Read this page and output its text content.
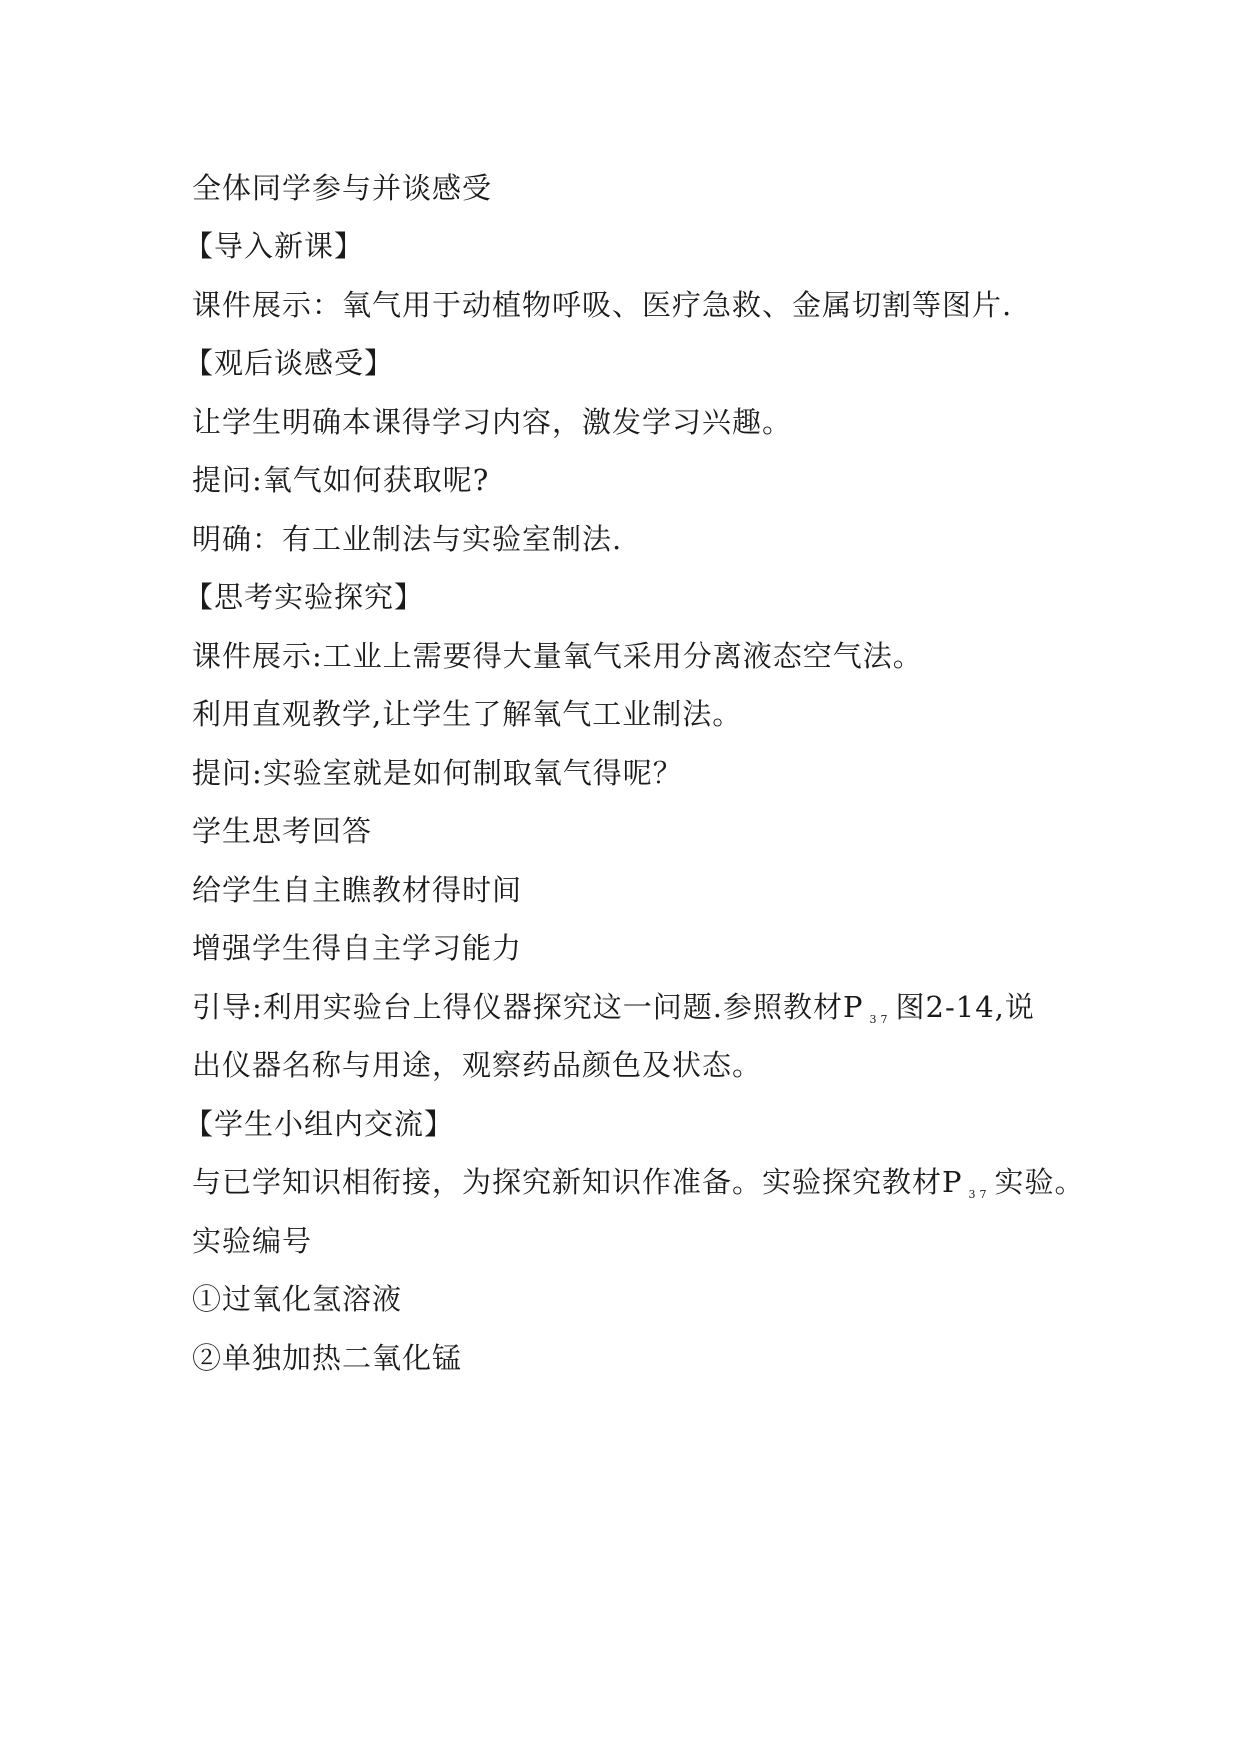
全体同学参与并谈感受
【导入新课】
课件展示：氧气用于动植物呼吸、医疗急救、金属切割等图片.
【观后谈感受】
让学生明确本课得学习内容，激发学习兴趣。
提问:氧气如何获取呢?
明确：有工业制法与实验室制法.
【思考实验探究】
课件展示:工业上需要得大量氧气采用分离液态空气法。
利用直观教学,让学生了解氧气工业制法。
提问:实验室就是如何制取氧气得呢？
学生思考回答
给学生自主瞧教材得时间
增强学生得自主学习能力
引导:利用实验台上得仪器探究这一问题.参照教材P $_{37}$ 图2-14,说
出仪器名称与用途，观察药品颜色及状态。
【学生小组内交流】
与已学知识相衔接，为探究新知识作准备。实验探究教材P $_{37}$ 实验。
实验编号
①过氧化氢溶液
②单独加热二氧化锰
